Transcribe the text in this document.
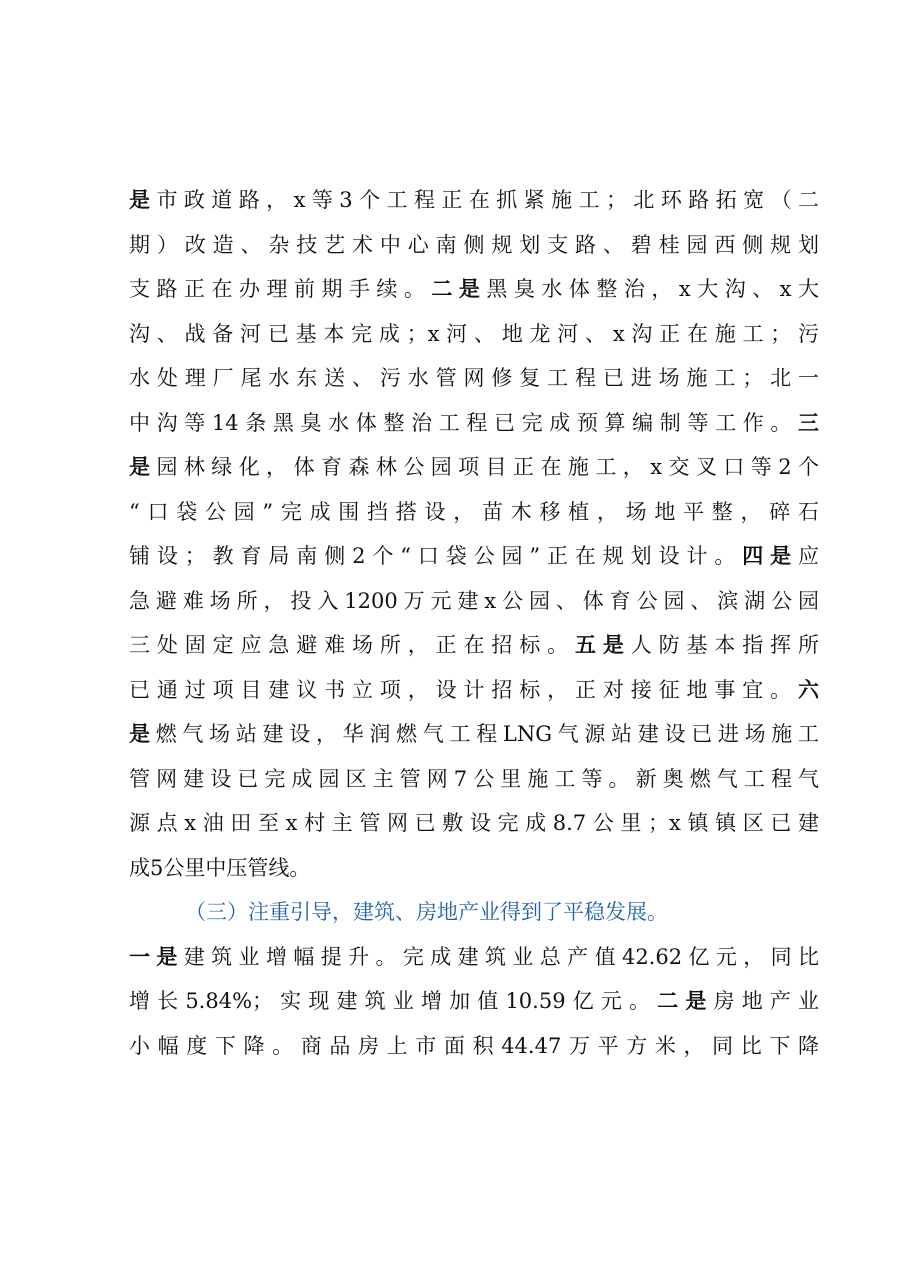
是市政道路，x等3个工程正在抓紧施工；北环路拓宽（二
期）改造、杂技艺术中心南侧规划支路、碧桂园西侧规划
支路正在办理前期手续。二是黑臭水体整治，x大沟、x大
沟、战备河已基本完成；x河、地龙河、x沟正在施工；污
水处理厂尾水东送、污水管网修复工程已进场施工；北一
中沟等14条黑臭水体整治工程已完成预算编制等工作。三
是园林绿化，体育森林公园项目正在施工，x交叉口等2个
“口袋公园”完成围挡搭设，苗木移植，场地平整，碎石
铺设；教育局南侧2个“口袋公园”正在规划设计。四是应
急避难场所，投入1200万元建x公园、体育公园、滨湖公园
三处固定应急避难场所，正在招标。五是人防基本指挥所
已通过项目建议书立项，设计招标，正对接征地事宜。六
是燃气场站建设，华润燃气工程LNG气源站建设已进场施工
管网建设已完成园区主管网7公里施工等。新奥燃气工程气
源点x油田至x村主管网已敷设完成8.7公里；x镇镇区已建
成5公里中压管线。
（三）注重引导，建筑、房地产业得到了平稳发展。
一是建筑业增幅提升。完成建筑业总产值42.62亿元，同比
增长5.84%；实现建筑业增加值10.59亿元。二是房地产业
小幅度下降。商品房上市面积44.47万平方米，同比下降
